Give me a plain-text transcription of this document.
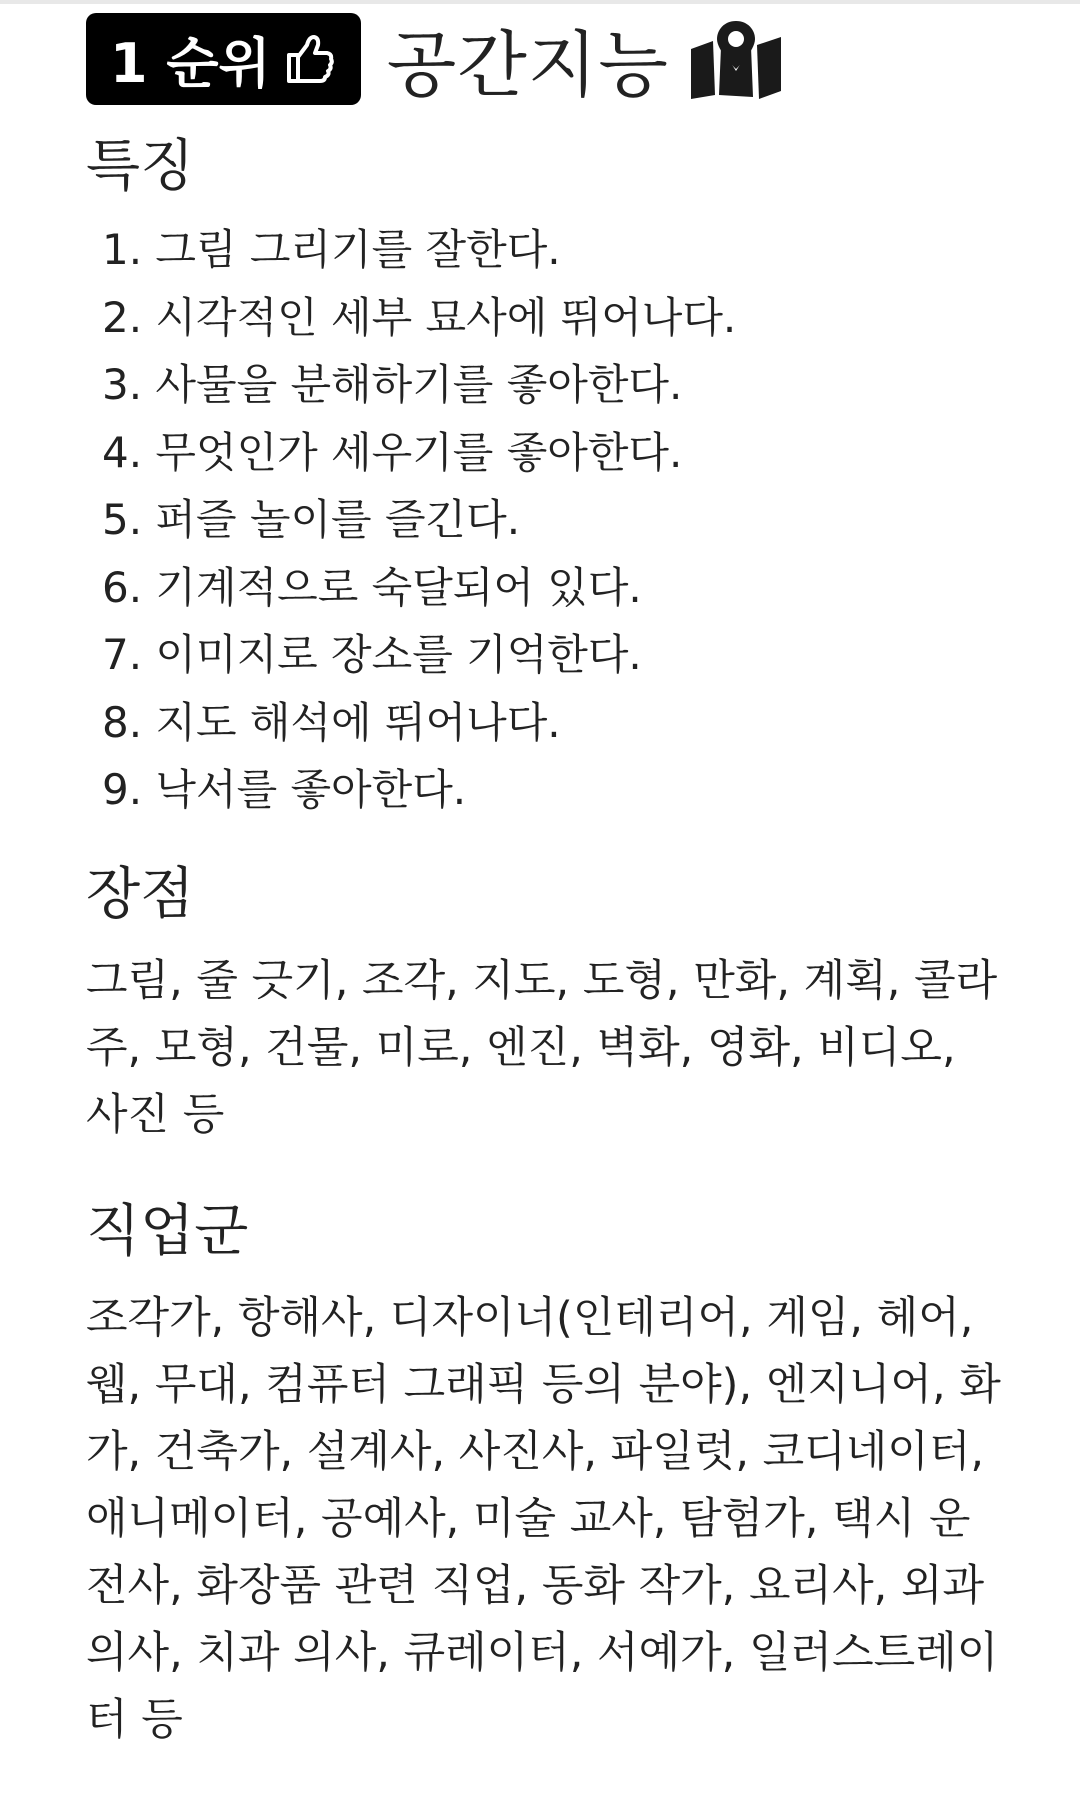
1 순위 공간지능
특징
1. 그림 그리기를 잘한다.
2. 시각적인 세부 묘사에 뛰어나다.
3. 사물을 분해하기를 좋아한다.
4. 무엇인가 세우기를 좋아한다.
5. 퍼즐 놀이를 즐긴다.
6. 기계적으로 숙달되어 있다.
7. 이미지로 장소를 기억한다.
8. 지도 해석에 뛰어나다.
9. 낙서를 좋아한다.
장점

그림, 줄 긋기, 조각, 지도, 도형, 만화, 계획, 콜라주, 모형, 건물, 미로, 엔진, 벽화, 영화, 비디오, 사진 등

직업군

조각가, 항해사, 디자이너(인테리어, 게임, 헤어, 웹, 무대, 컴퓨터 그래픽 등의 분야), 엔지니어, 화가, 건축가, 설계사, 사진사, 파일럿, 코디네이터, 애니메이터, 공예사, 미술 교사, 탐험가, 택시 운전사, 화장품 관련 직업, 동화 작가, 요리사, 외과의사, 치과 의사, 큐레이터, 서예가, 일러스트레이터 등
